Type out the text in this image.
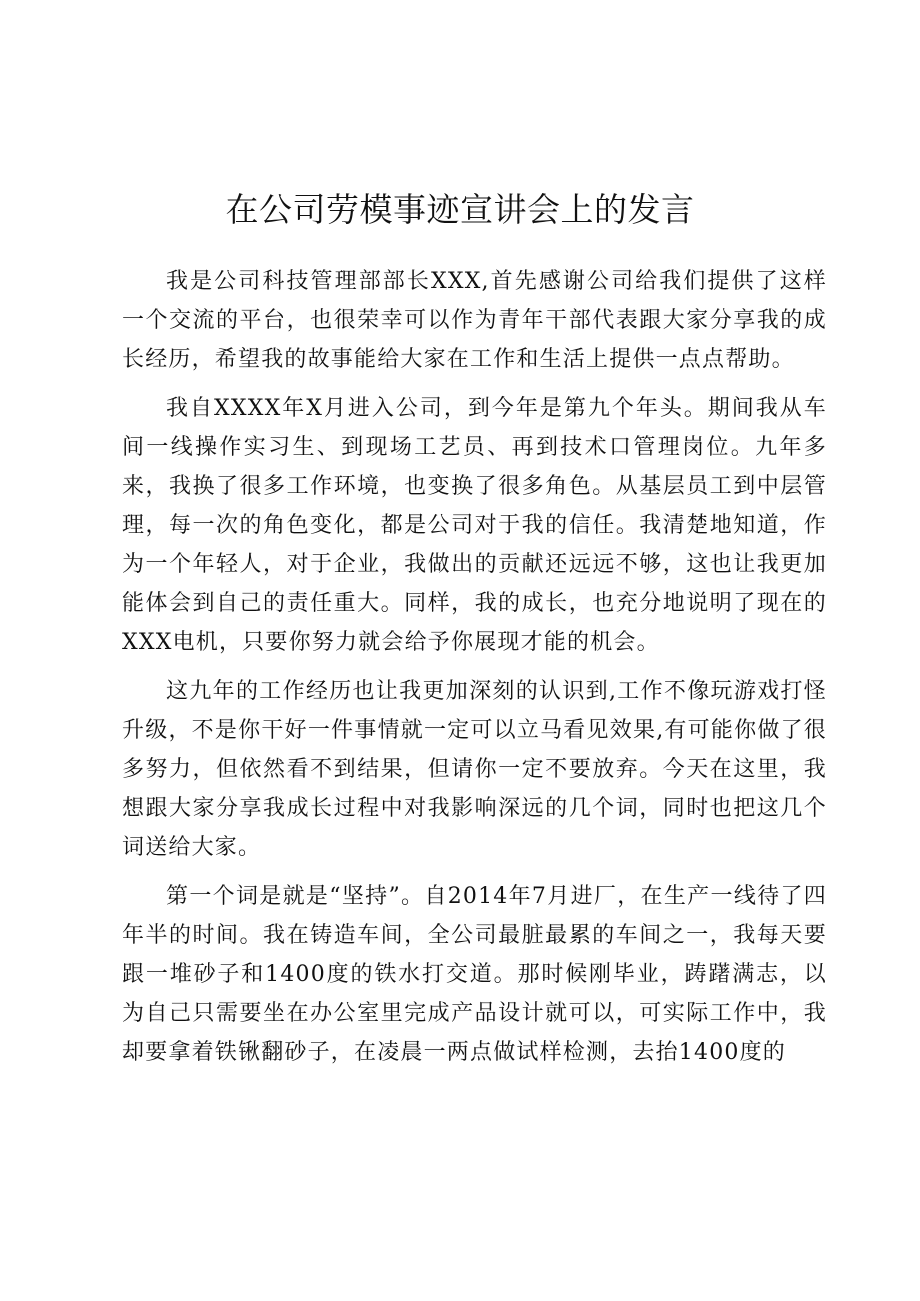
在公司劳模事迹宣讲会上的发言

我是公司科技管理部部长XXX,首先感谢公司给我们提供了这样一个交流的平台，也很荣幸可以作为青年干部代表跟大家分享我的成长经历，希望我的故事能给大家在工作和生活上提供一点点帮助。

我自XXXX年X月进入公司，到今年是第九个年头。期间我从车间一线操作实习生、到现场工艺员、再到技术口管理岗位。九年多来，我换了很多工作环境，也变换了很多角色。从基层员工到中层管理，每一次的角色变化，都是公司对于我的信任。我清楚地知道，作为一个年轻人，对于企业，我做出的贡献还远远不够，这也让我更加能体会到自己的责任重大。同样，我的成长，也充分地说明了现在的XXX电机，只要你努力就会给予你展现才能的机会。

这九年的工作经历也让我更加深刻的认识到,工作不像玩游戏打怪升级，不是你干好一件事情就一定可以立马看见效果,有可能你做了很多努力，但依然看不到结果，但请你一定不要放弃。今天在这里，我想跟大家分享我成长过程中对我影响深远的几个词，同时也把这几个词送给大家。

第一个词是就是“坚持”。自2014年7月进厂，在生产一线待了四年半的时间。我在铸造车间，全公司最脏最累的车间之一，我每天要跟一堆砂子和1400度的铁水打交道。那时候刚毕业，踌躇满志，以为自己只需要坐在办公室里完成产品设计就可以，可实际工作中，我却要拿着铁锹翻砂子，在凌晨一两点做试样检测，去抬1400度的
